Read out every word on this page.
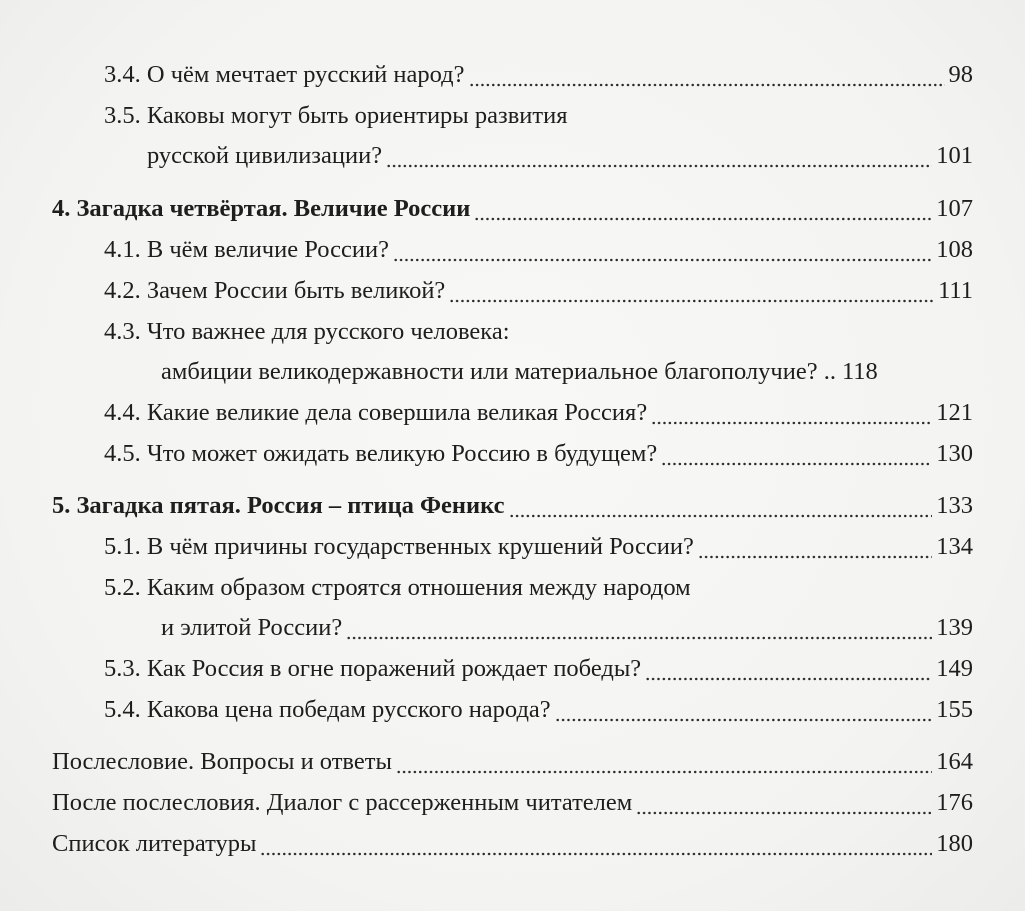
3.4. О чём мечтает русский народ?	98
3.5. Каковы могут быть ориентиры развития
русской цивилизации?	101
4. Загадка четвёртая. Величие России	107
4.1. В чём величие России?	108
4.2. Зачем России быть великой?	111
4.3. Что важнее для русского человека:
амбиции великодержавности или материальное благополучие? .. 118
4.4. Какие великие дела совершила великая Россия?	121
4.5. Что может ожидать великую Россию в будущем?	130
5. Загадка пятая. Россия – птица Феникс	133
5.1. В чём причины государственных крушений России?	134
5.2. Каким образом строятся отношения между народом
и элитой России?	139
5.3. Как Россия в огне поражений рождает победы?	149
5.4. Какова цена победам русского народа?	155
Послесловие. Вопросы и ответы	164
После послесловия. Диалог с рассерженным читателем	176
Список литературы	180
